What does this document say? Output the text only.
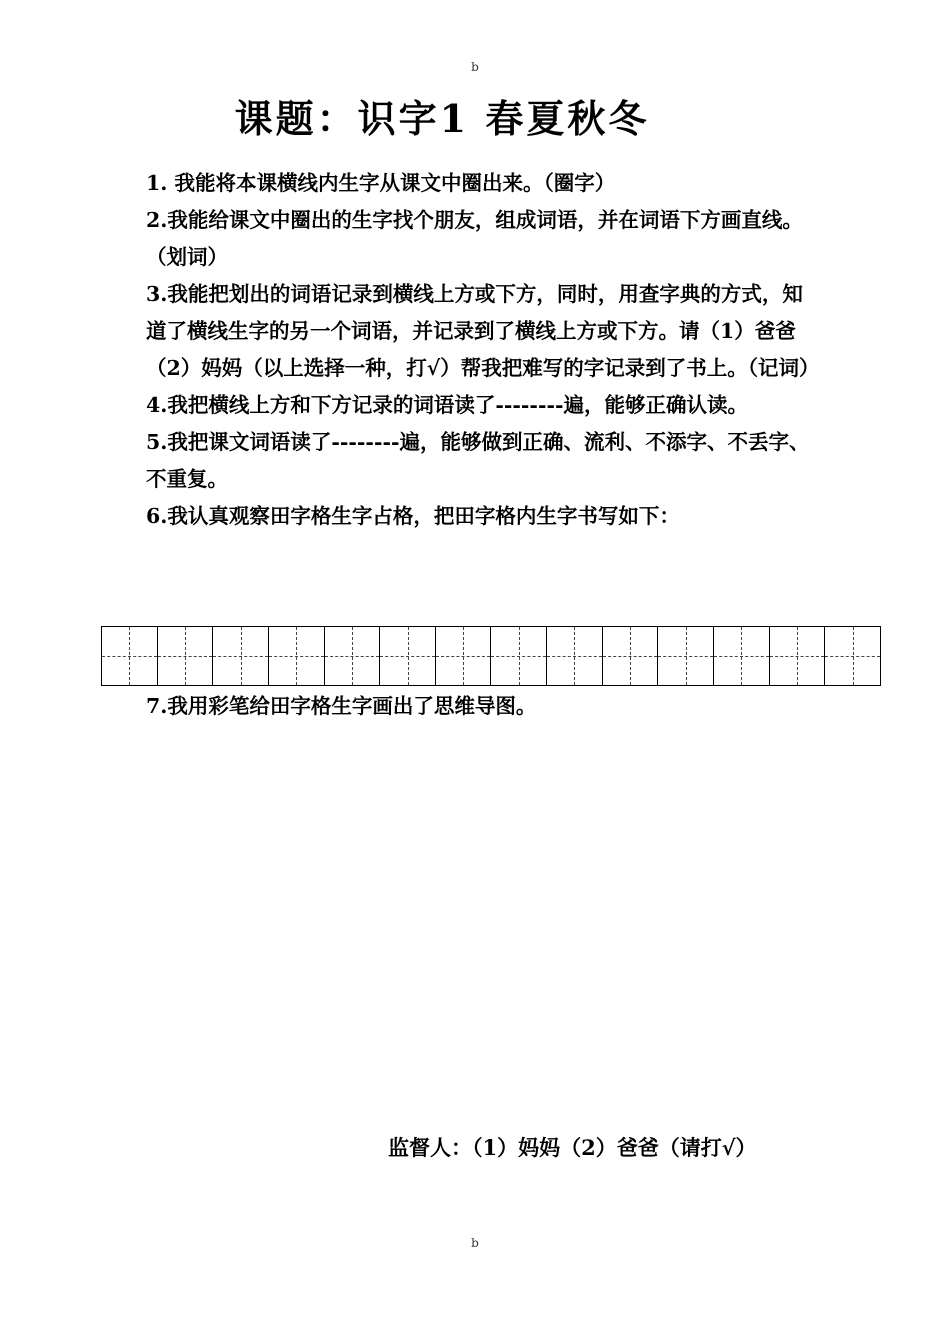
b
课题：识字1 春夏秋冬

1. 我能将本课横线内生字从课文中圈出来。（圈字）

2.我能给课文中圈出的生字找个朋友，组成词语，并在词语下方画直线。（划词）

3.我能把划出的词语记录到横线上方或下方，同时，用查字典的方式，知道了横线生字的另一个词语，并记录到了横线上方或下方。请（1）爸爸（2）妈妈（以上选择一种，打√）帮我把难写的字记录到了书上。（记词）

4.我把横线上方和下方记录的词语读了--------遍，能够正确认读。

5.我把课文词语读了--------遍，能够做到正确、流利、不添字、不丢字、不重复。

6.我认真观察田字格生字占格，把田字格内生字书写如下：

7.我用彩笔给田字格生字画出了思维导图。
监督人：（1）妈妈（2）爸爸（请打√）
b
